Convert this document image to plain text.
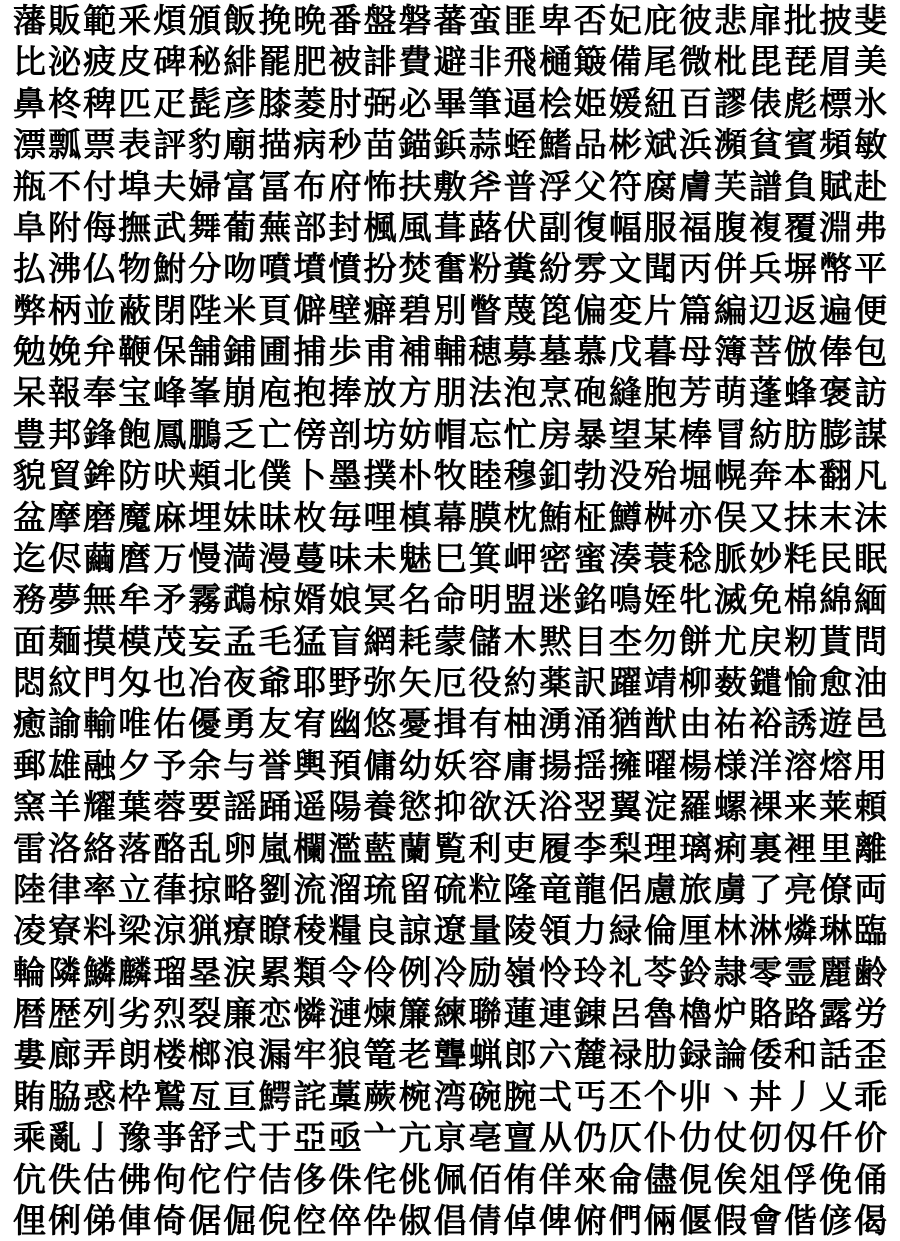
藩 販 範 釆 煩 頒 飯 挽 晩 番 盤 磐 蕃 蛮 匪 卑 否 妃 庇 彼 悲 扉 批 披 斐
比 泌 疲 皮 碑 秘 緋 罷 肥 被 誹 費 避 非 飛 樋 簸 備 尾 微 枇 毘 琵 眉 美
鼻 柊 稗 匹 疋 髭 彦 膝 菱 肘 弼 必 畢 筆 逼 桧 姫 媛 紐 百 謬 俵 彪 標 氷
漂 瓢 票 表 評 豹 廟 描 病 秒 苗 錨 鋲 蒜 蛭 鰭 品 彬 斌 浜 瀕 貧 賓 頻 敏
瓶 不 付 埠 夫 婦 富 冨 布 府 怖 扶 敷 斧 普 浮 父 符 腐 膚 芙 譜 負 賦 赴
阜 附 侮 撫 武 舞 葡 蕪 部 封 楓 風 葺 蕗 伏 副 復 幅 服 福 腹 複 覆 淵 弗
払 沸 仏 物 鮒 分 吻 噴 墳 憤 扮 焚 奮 粉 糞 紛 雰 文 聞 丙 併 兵 塀 幣 平
弊 柄 並 蔽 閉 陛 米 頁 僻 壁 癖 碧 別 瞥 蔑 箆 偏 変 片 篇 編 辺 返 遍 便
勉 娩 弁 鞭 保 舗 鋪 圃 捕 歩 甫 補 輔 穂 募 墓 慕 戊 暮 母 簿 菩 倣 俸 包
呆 報 奉 宝 峰 峯 崩 庖 抱 捧 放 方 朋 法 泡 烹 砲 縫 胞 芳 萌 蓬 蜂 褒 訪
豊 邦 鋒 飽 鳳 鵬 乏 亡 傍 剖 坊 妨 帽 忘 忙 房 暴 望 某 棒 冒 紡 肪 膨 謀
貌 貿 鉾 防 吠 頬 北 僕 卜 墨 撲 朴 牧 睦 穆 釦 勃 没 殆 堀 幌 奔 本 翻 凡
盆 摩 磨 魔 麻 埋 妹 昧 枚 毎 哩 槙 幕 膜 枕 鮪 柾 鱒 桝 亦 俣 又 抹 末 沫
迄 侭 繭 麿 万 慢 満 漫 蔓 味 未 魅 巳 箕 岬 密 蜜 湊 蓑 稔 脈 妙 粍 民 眠
務 夢 無 牟 矛 霧 鵡 椋 婿 娘 冥 名 命 明 盟 迷 銘 鳴 姪 牝 滅 免 棉 綿 緬
面 麺 摸 模 茂 妄 孟 毛 猛 盲 網 耗 蒙 儲 木 黙 目 杢 勿 餅 尤 戻 籾 貰 問
悶 紋 門 匁 也 冶 夜 爺 耶 野 弥 矢 厄 役 約 薬 訳 躍 靖 柳 薮 鑓 愉 愈 油
癒 諭 輸 唯 佑 優 勇 友 宥 幽 悠 憂 揖 有 柚 湧 涌 猶 猷 由 祐 裕 誘 遊 邑
郵 雄 融 夕 予 余 与 誉 輿 預 傭 幼 妖 容 庸 揚 揺 擁 曜 楊 様 洋 溶 熔 用
窯 羊 耀 葉 蓉 要 謡 踊 遥 陽 養 慾 抑 欲 沃 浴 翌 翼 淀 羅 螺 裸 来 莱 頼
雷 洛 絡 落 酪 乱 卵 嵐 欄 濫 藍 蘭 覧 利 吏 履 李 梨 理 璃 痢 裏 裡 里 離
陸 律 率 立 葎 掠 略 劉 流 溜 琉 留 硫 粒 隆 竜 龍 侶 慮 旅 虜 了 亮 僚 両
凌 寮 料 梁 涼 猟 療 瞭 稜 糧 良 諒 遼 量 陵 領 力 緑 倫 厘 林 淋 燐 琳 臨
輪 隣 鱗 麟 瑠 塁 涙 累 類 令 伶 例 冷 励 嶺 怜 玲 礼 苓 鈴 隷 零 霊 麗 齢
暦 歴 列 劣 烈 裂 廉 恋 憐 漣 煉 簾 練 聯 蓮 連 錬 呂 魯 櫓 炉 賂 路 露 労
婁 廊 弄 朗 楼 榔 浪 漏 牢 狼 篭 老 聾 蝋 郎 六 麓 禄 肋 録 論 倭 和 話 歪
賄 脇 惑 枠 鷲 亙 亘 鰐 詫 藁 蕨 椀 湾 碗 腕 弌 丐 丕 个 丱 丶 丼 丿 乂 乖
乘 亂 亅 豫 亊 舒 弍 于 亞 亟 亠 亢 亰 亳 亶 从 仍 仄 仆 仂 仗 仞 仭 仟 价
伉 佚 估 佛 佝 佗 佇 佶 侈 侏 侘 佻 佩 佰 侑 佯 來 侖 儘 俔 俟 俎 俘 俛 俑
俚 俐 俤 俥 倚 倨 倔 倪 倥 倅 伜 俶 倡 倩 倬 俾 俯 們 倆 偃 假 會 偕 偐 偈
